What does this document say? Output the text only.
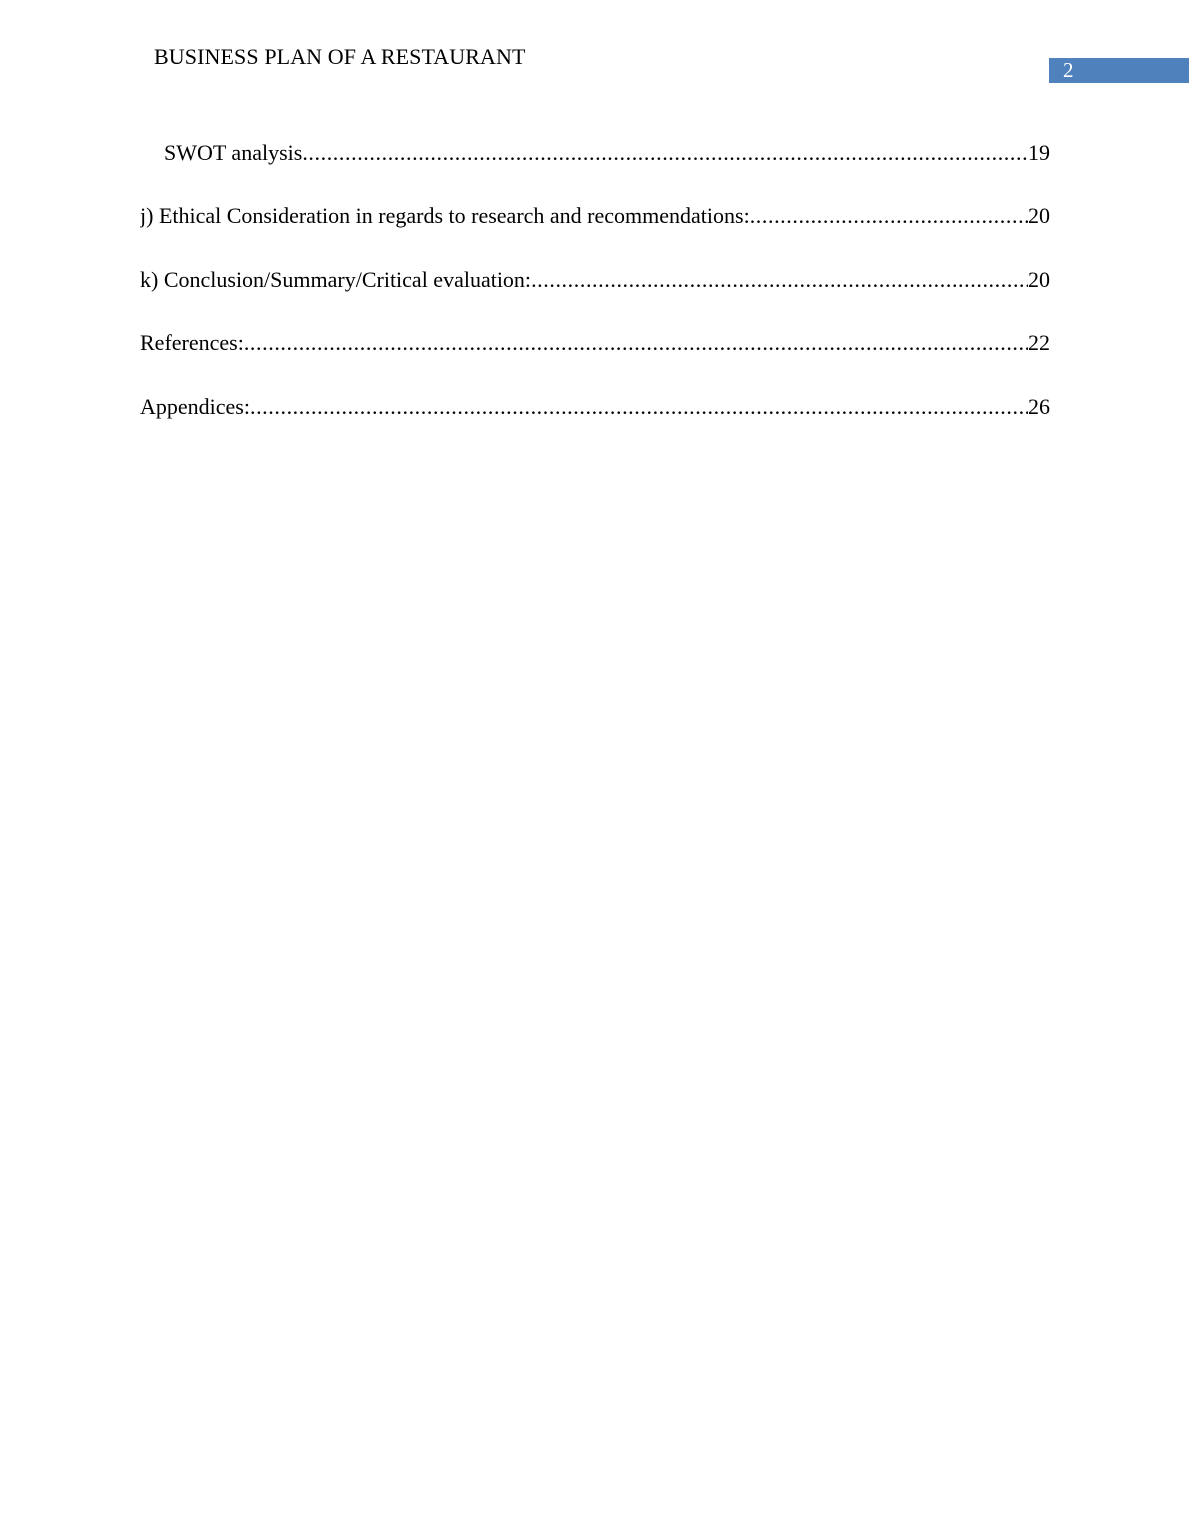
BUSINESS PLAN OF A RESTAURANT
2
SWOT analysis .....	19
j) Ethical Consideration in regards to research and recommendations: .....	20
k) Conclusion/Summary/Critical evaluation: .....	20
References: .....	22
Appendices: .....	26
